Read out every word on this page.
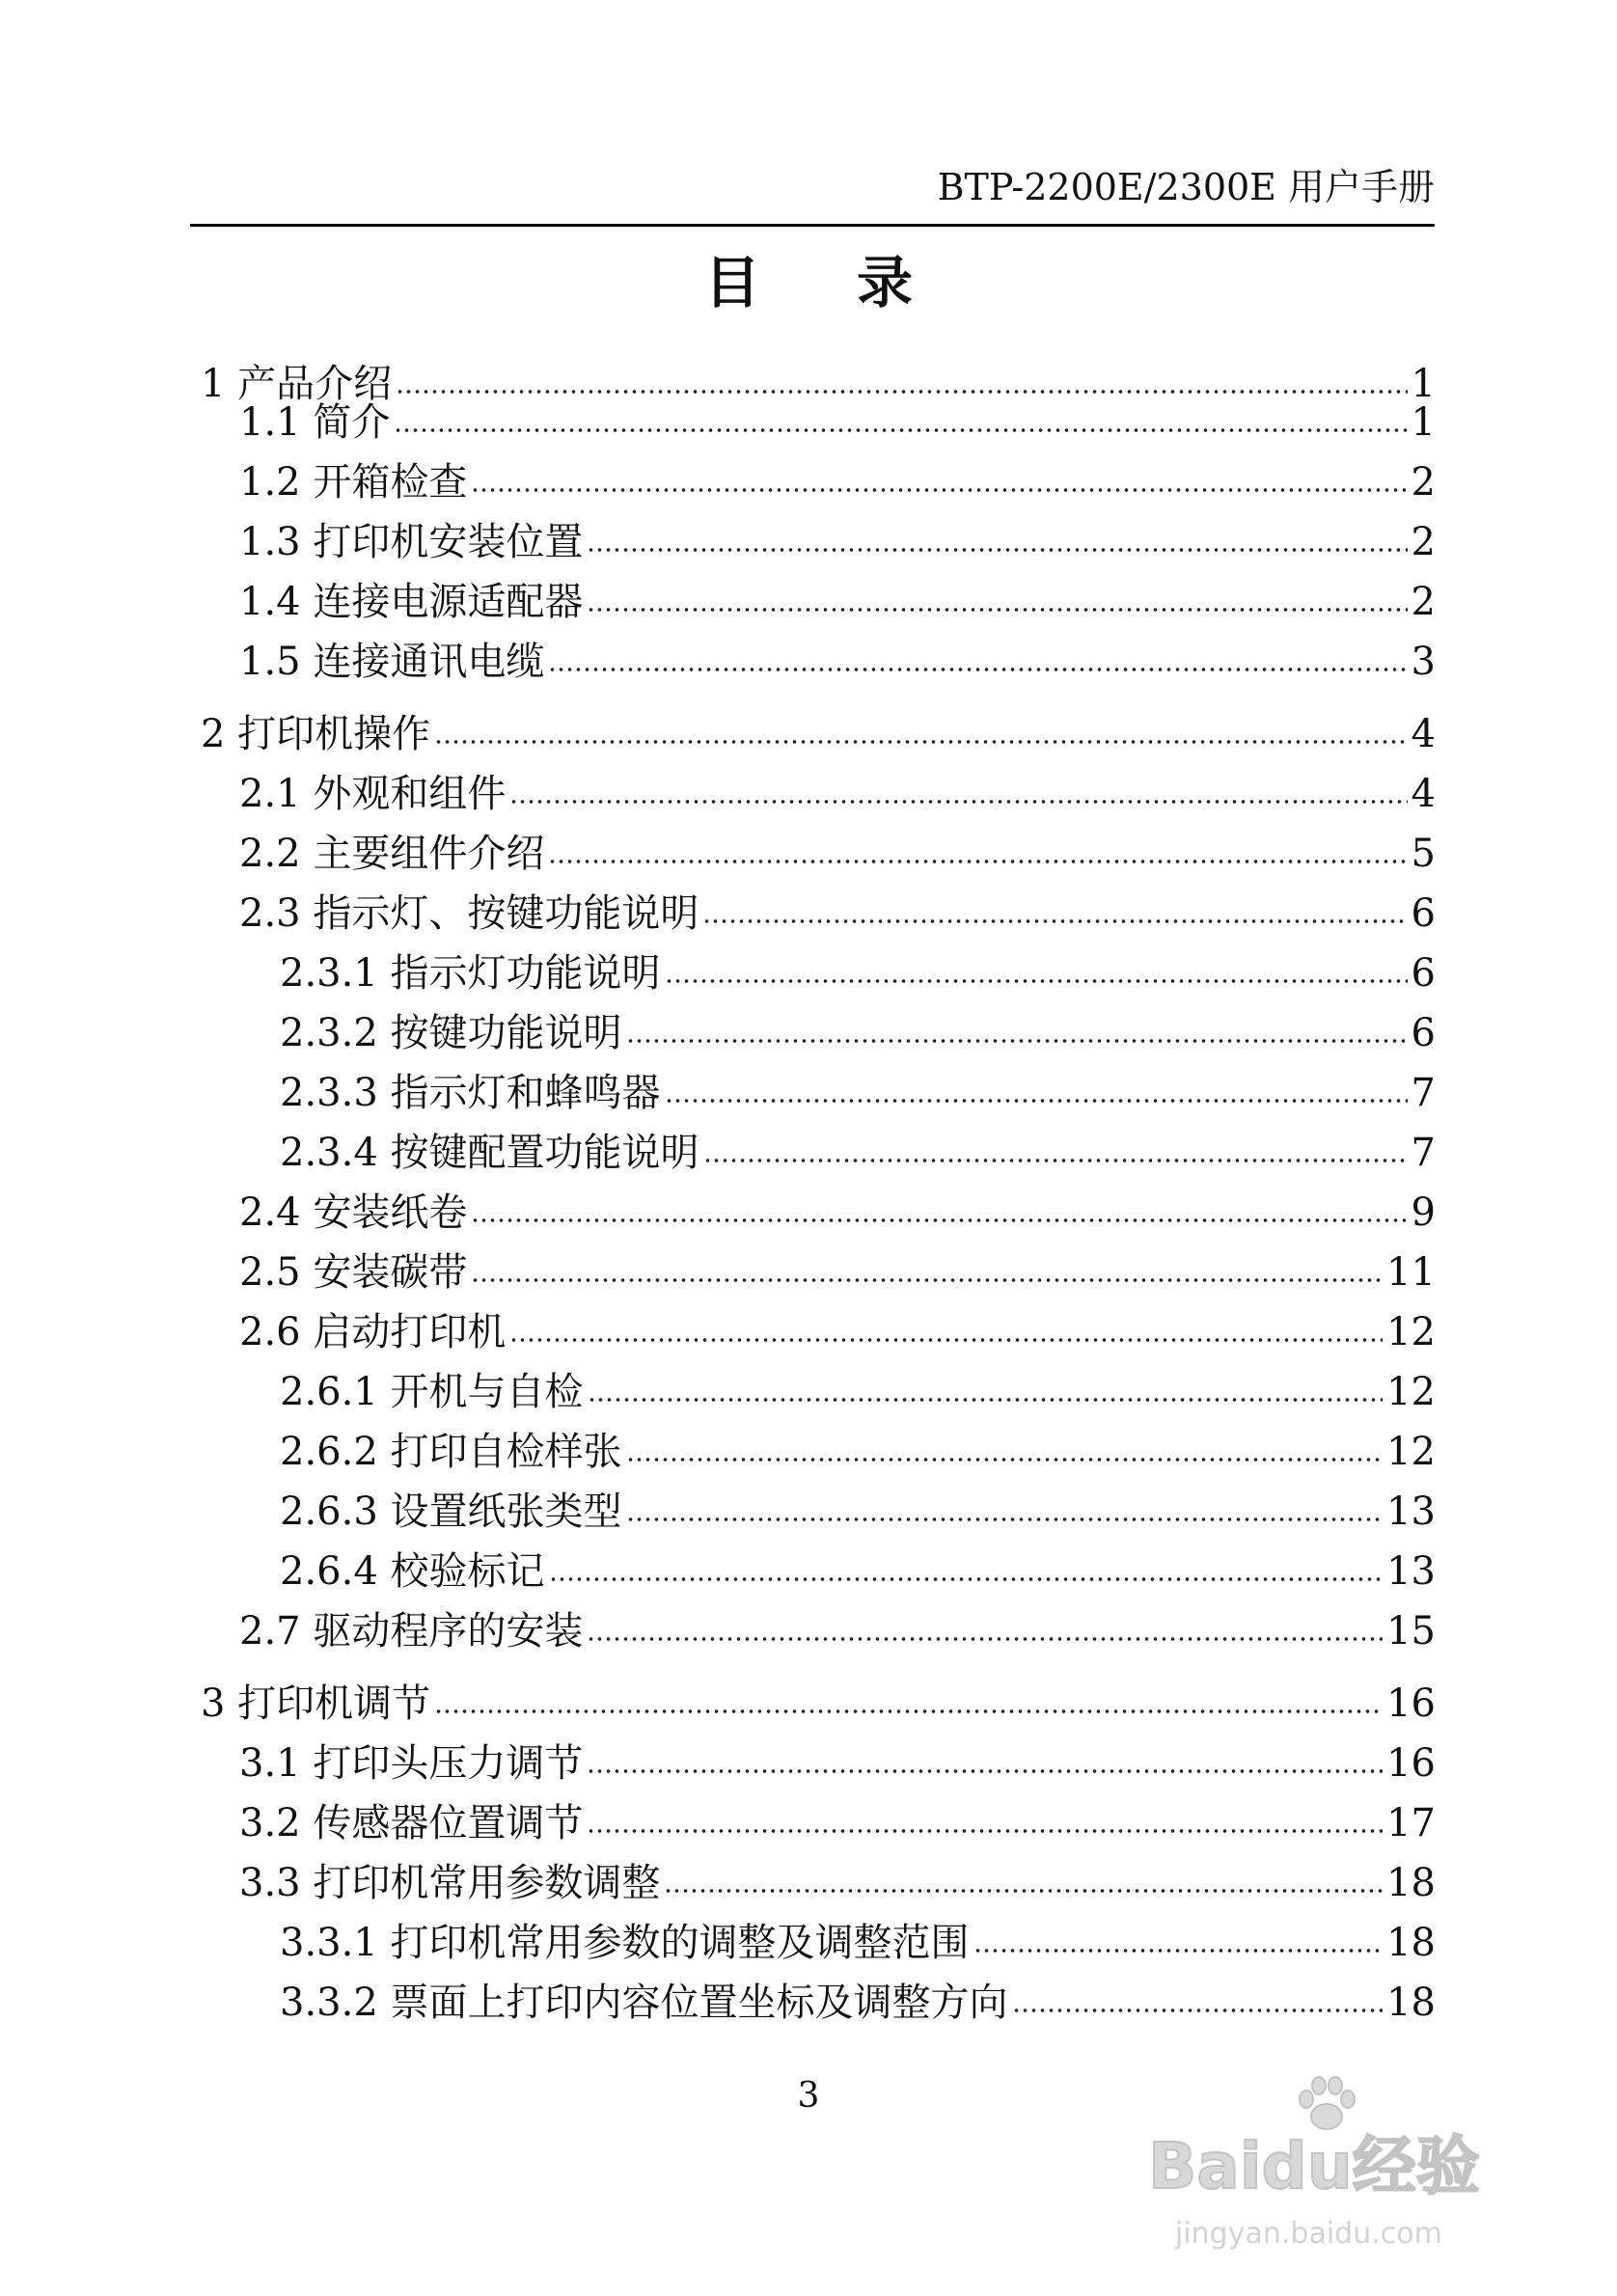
BTP-2200E/2300E 用户手册
目录
1 产品介绍	1
1.1 简介	1
1.2 开箱检查	2
1.3 打印机安装位置	2
1.4 连接电源适配器	2
1.5 连接通讯电缆	3
2 打印机操作	4
2.1 外观和组件	4
2.2 主要组件介绍	5
2.3 指示灯、按键功能说明	6
2.3.1 指示灯功能说明	6
2.3.2 按键功能说明	6
2.3.3 指示灯和蜂鸣器	7
2.3.4 按键配置功能说明	7
2.4 安装纸卷	9
2.5 安装碳带	11
2.6 启动打印机	12
2.6.1 开机与自检	12
2.6.2 打印自检样张	12
2.6.3 设置纸张类型	13
2.6.4 校验标记	13
2.7 驱动程序的安装	15
3 打印机调节	16
3.1 打印头压力调节	16
3.2 传感器位置调节	17
3.3 打印机常用参数调整	18
3.3.1 打印机常用参数的调整及调整范围	18
3.3.2 票面上打印内容位置坐标及调整方向	18
3
Baidu经验
jingyan.baidu.com
